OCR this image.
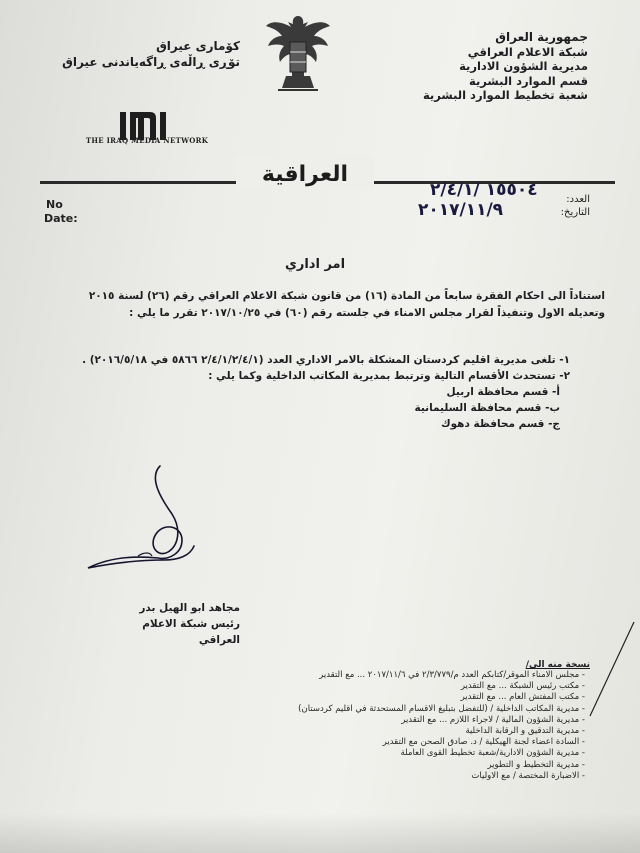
جمهورية العراق
شبكة الاعلام العراقي
مديرية الشؤون الادارية
قسم الموارد البشرية
شعبة تخطيط الموارد البشرية
كۆماری عیراق
تۆڕی ڕاڵەی ڕاگەیاندنی عیراق
THE IRAQ MEDIA NETWORK
العراقية
No
Date:
العدد:
التاريخ:
١٥٥٠٤ /٢/٤/١
٢٠١٧/١١/٩
امر اداري
استناداً الى احكام الفقرة سابعاً من المادة (١٦) من قانون شبكة الاعلام العراقي رقم (٢٦) لسنة ٢٠١٥ وتعديله الاول وتنفيذاً لقرار مجلس الامناء في جلسته رقم (٦٠) في ٢٠١٧/١٠/٢٥ تقرر ما يلي :
١- تلغى مديرية اقليم كردستان المشكلة بالامر الاداري العدد (٢/٤/١/٢/٤/١ ٥٨٦٦ في ٢٠١٦/٥/١٨) .
٢- تستحدث الأقسام التالية وترتبط بمديرية المكاتب الداخلية وكما يلي :
أ- قسم محافظة اربيل
ب- قسم محافظة السليمانية
ج- قسم محافظة دهوك
مجاهد ابو الهيل بدر
رئيس شبكة الاعلام العراقي
نسخة منه الى/
- مجلس الامناء الموقر/كتابكم العدد م/٢/٣/٧٧٩ في ٢٠١٧/١١/٦ ... مع التقدير
- مكتب رئيس الشبكة ... مع التقدير
- مكتب المفتش العام ... مع التقدير
- مديرية المكاتب الداخلية / (للتفضل بتبليغ الاقسام المستحدثة في اقليم كردستان)
- مديرية الشؤون المالية / لاجراء اللازم ... مع التقدير
- مديرية التدقيق و الرقابة الداخلية
- السادة اعضاء لجنة الهيكلية / د. صادق الصحن مع التقدير
- مديرية الشؤون الادارية/شعبة تخطيط القوى العاملة
- مديرية التخطيط و التطوير
- الاضبارة المختصة / مع الاوليات
